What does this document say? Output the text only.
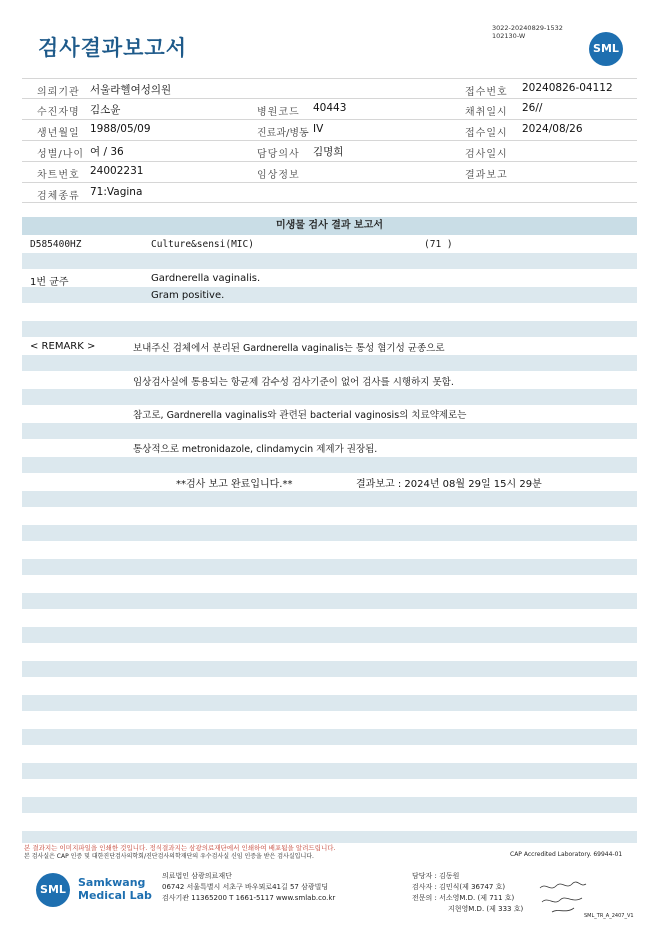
검사결과보고서
3022-20240829-1532
102130-W
SML
의뢰기관 서울라헬여성의원	접수번호 20240826-04112
수진자명 김소윤	병원코드 40443	채취일시 26//
생년월일 1988/05/09	진료과/병동 IV	접수일시 2024/08/26
성별/나이 여 / 36	담당의사 김명희	검사일시
차트번호 24002231	임상정보	결과보고
검체종류 71:Vagina
미생물 검사 결과 보고서
D585400HZ	Culture&sensi(MIC)	(71 )
1번 균주	Gardnerella vaginalis.
Gram positive.
< REMARK >	보내주신 검체에서 분리된 Gardnerella vaginalis는 통성 혐기성 균종으로
임상검사실에 통용되는 항균제 감수성 검사기준이 없어 검사를 시행하지 못함.
참고로, Gardnerella vaginalis와 관련된 bacterial vaginosis의 치료약제로는
통상적으로 metronidazole, clindamycin 제제가 권장됨.
**검사 보고 완료입니다.**	결과보고 : 2024년 08월 29일 15시 29분
본 결과지는 이미지파일을 인쇄한 것입니다. 정식결과지는 삼광의료재단에서 인쇄하여 배포됨을 알려드립니다.
본 검사실은 CAP 인증 및 대한진단검사의학회/진단검사의학재단의 우수검사실 신임 인증을 받은 검사실입니다.	CAP Accredited Laboratory. 69944-01
SML
Samkwang
Medical Lab
의료법인 삼광의료재단
06742 서울특별시 서초구 바우뫼로41길 57 삼광빌딩
검사기관 11365200 T 1661-5117 www.smlab.co.kr
담당자 : 김동원
검사자 : 김민식(제 36747 호)
전문의 : 서소영M.D. (제 711 호)
지현영M.D. (제 333 호)
SML_TR_A_2407_V1
